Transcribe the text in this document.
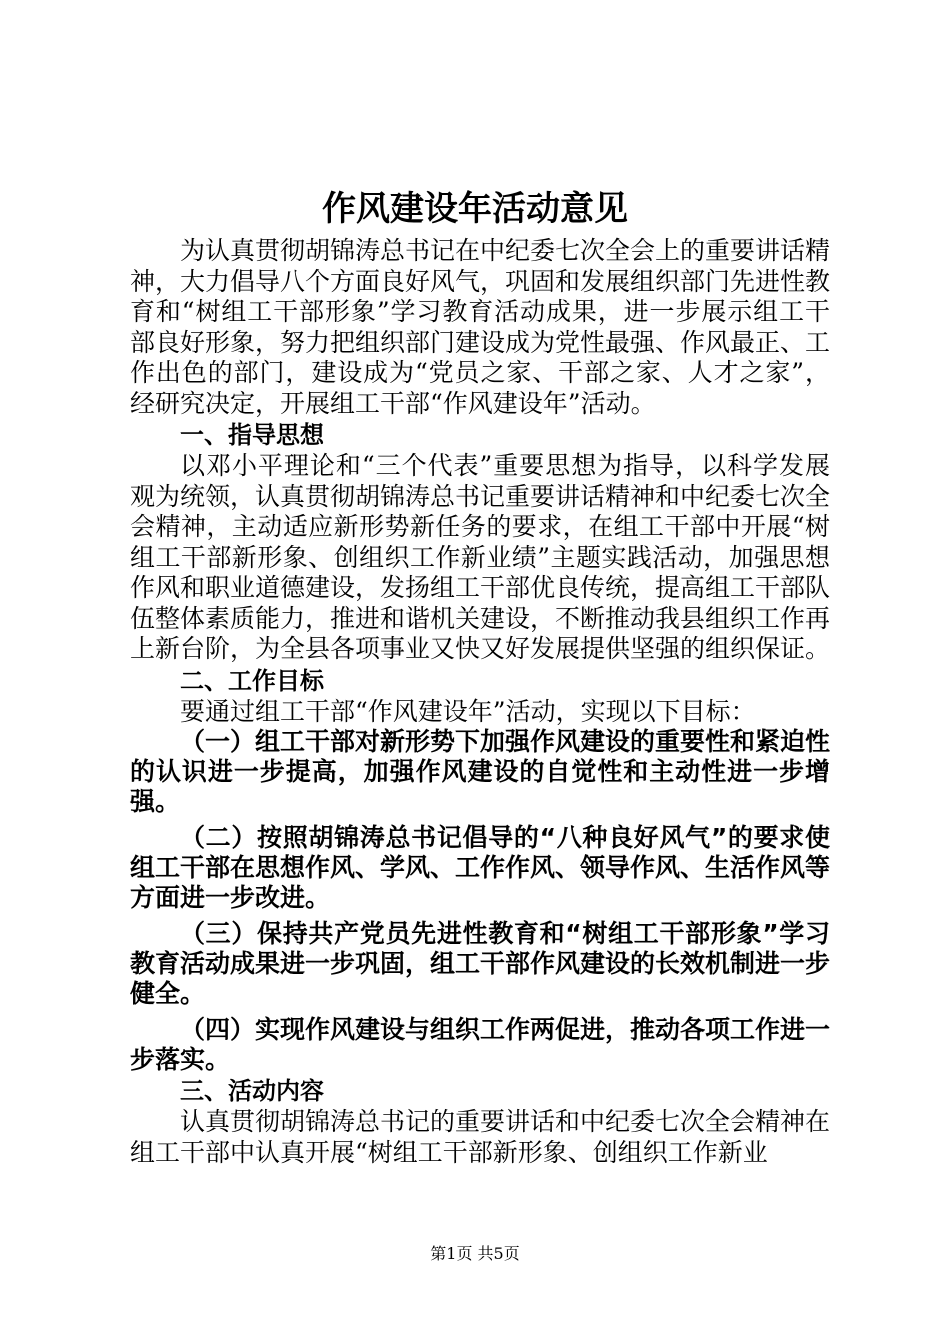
作风建设年活动意见

为认真贯彻胡锦涛总书记在中纪委七次全会上的重要讲话精神，大力倡导八个方面良好风气，巩固和发展组织部门先进性教育和“树组工干部形象”学习教育活动成果，进一步展示组工干部良好形象，努力把组织部门建设成为党性最强、作风最正、工作出色的部门，建设成为“党员之家、干部之家、人才之家”，经研究决定，开展组工干部“作风建设年”活动。

一、指导思想

以邓小平理论和“三个代表”重要思想为指导，以科学发展观为统领，认真贯彻胡锦涛总书记重要讲话精神和中纪委七次全会精神，主动适应新形势新任务的要求，在组工干部中开展“树组工干部新形象、创组织工作新业绩”主题实践活动，加强思想作风和职业道德建设，发扬组工干部优良传统，提高组工干部队伍整体素质能力，推进和谐机关建设，不断推动我县组织工作再上新台阶，为全县各项事业又快又好发展提供坚强的组织保证。

二、工作目标

要通过组工干部“作风建设年”活动，实现以下目标：

（一）组工干部对新形势下加强作风建设的重要性和紧迫性的认识进一步提高，加强作风建设的自觉性和主动性进一步增强。

（二）按照胡锦涛总书记倡导的“八种良好风气”的要求使组工干部在思想作风、学风、工作作风、领导作风、生活作风等方面进一步改进。

（三）保持共产党员先进性教育和“树组工干部形象”学习教育活动成果进一步巩固，组工干部作风建设的长效机制进一步健全。

（四）实现作风建设与组织工作两促进，推动各项工作进一步落实。

三、活动内容

认真贯彻胡锦涛总书记的重要讲话和中纪委七次全会精神在组工干部中认真开展“树组工干部新形象、创组织工作新业

第1页 共5页
